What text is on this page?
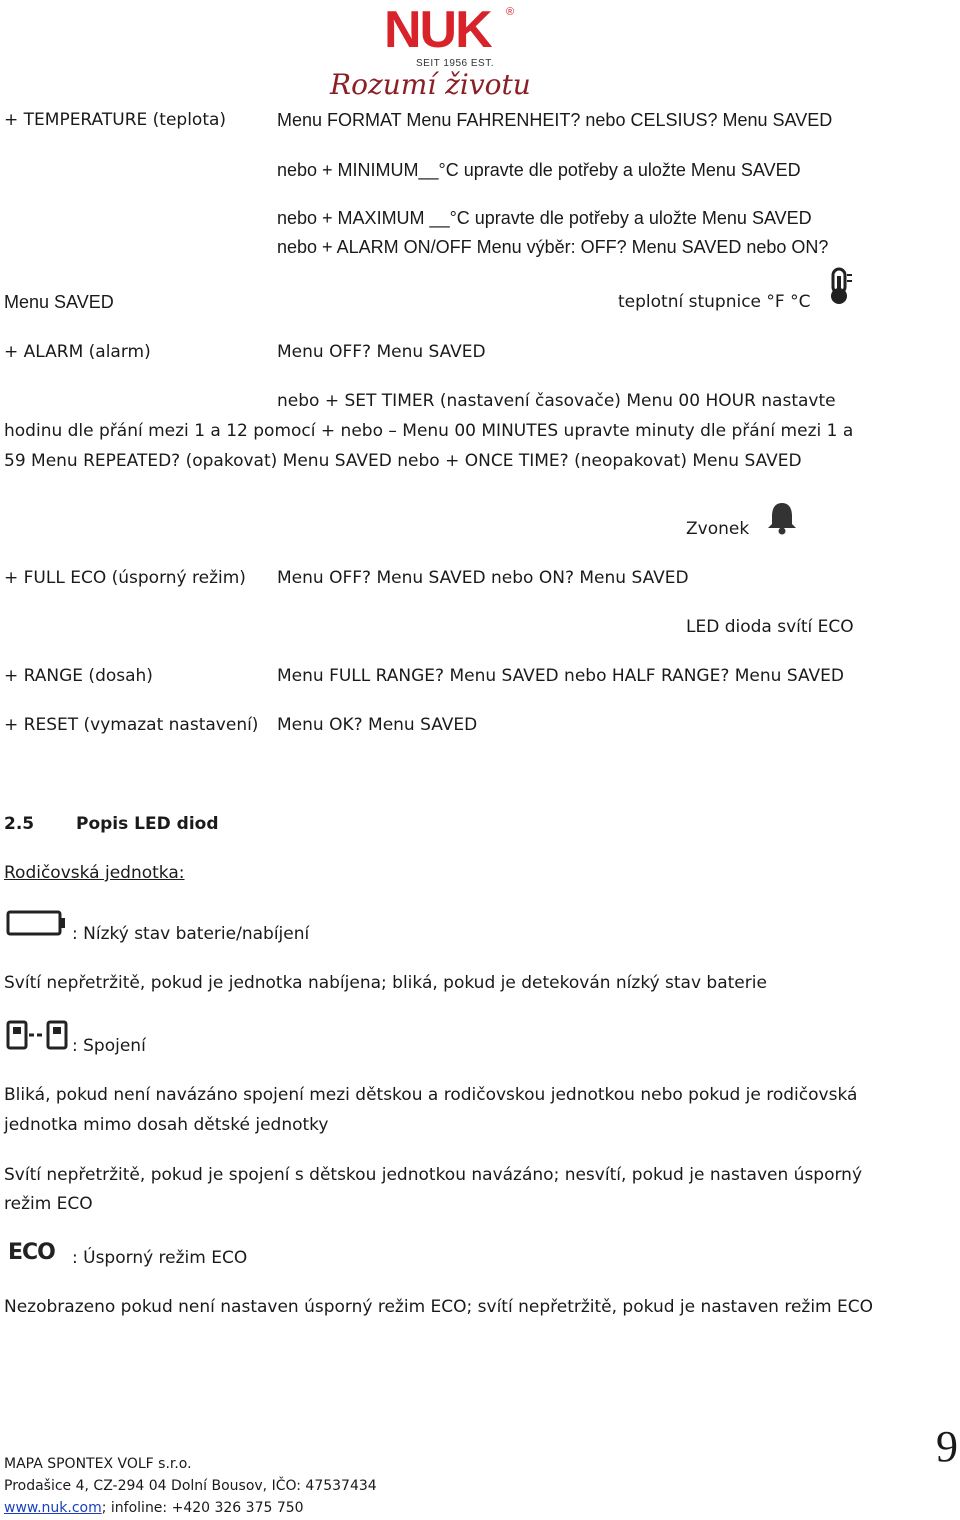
NUK ®
SEIT 1956 EST.
Rozumí životu
+ TEMPERATURE (teplota)	Menu FORMAT Menu FAHRENHEIT? nebo CELSIUS? Menu SAVED
nebo + MINIMUM__°C upravte dle potřeby a uložte Menu SAVED
nebo + MAXIMUM __°C upravte dle potřeby a uložte Menu SAVED
nebo + ALARM ON/OFF Menu výběr: OFF? Menu SAVED nebo ON?
Menu SAVED	teplotní stupnice °F °C
+ ALARM (alarm)	Menu OFF? Menu SAVED
nebo + SET TIMER (nastavení časovače) Menu 00 HOUR nastavte
hodinu dle přání mezi 1 a 12 pomocí + nebo – Menu 00 MINUTES upravte minuty dle přání mezi 1 a
59 Menu REPEATED? (opakovat) Menu SAVED nebo + ONCE TIME? (neopakovat) Menu SAVED
Zvonek
+ FULL ECO (úsporný režim) Menu OFF? Menu SAVED nebo ON? Menu SAVED
LED dioda svítí ECO
+ RANGE (dosah)	Menu FULL RANGE? Menu SAVED nebo HALF RANGE? Menu SAVED
+ RESET (vymazat nastavení) Menu OK? Menu SAVED
2.5 Popis LED diod
Rodičovská jednotka:
: Nízký stav baterie/nabíjení
Svítí nepřetržitě, pokud je jednotka nabíjena; bliká, pokud je detekován nízký stav baterie
: Spojení
Bliká, pokud není navázáno spojení mezi dětskou a rodičovskou jednotkou nebo pokud je rodičovská
jednotka mimo dosah dětské jednotky
Svítí nepřetržitě, pokud je spojení s dětskou jednotkou navázáno; nesvítí, pokud je nastaven úsporný
režim ECO
ECO : Úsporný režim ECO
Nezobrazeno pokud není nastaven úsporný režim ECO; svítí nepřetržitě, pokud je nastaven režim ECO
MAPA SPONTEX VOLF s.r.o.
Prodašice 4, CZ-294 04 Dolní Bousov, IČO: 47537434
www.nuk.com; infoline: +420 326 375 750
9
